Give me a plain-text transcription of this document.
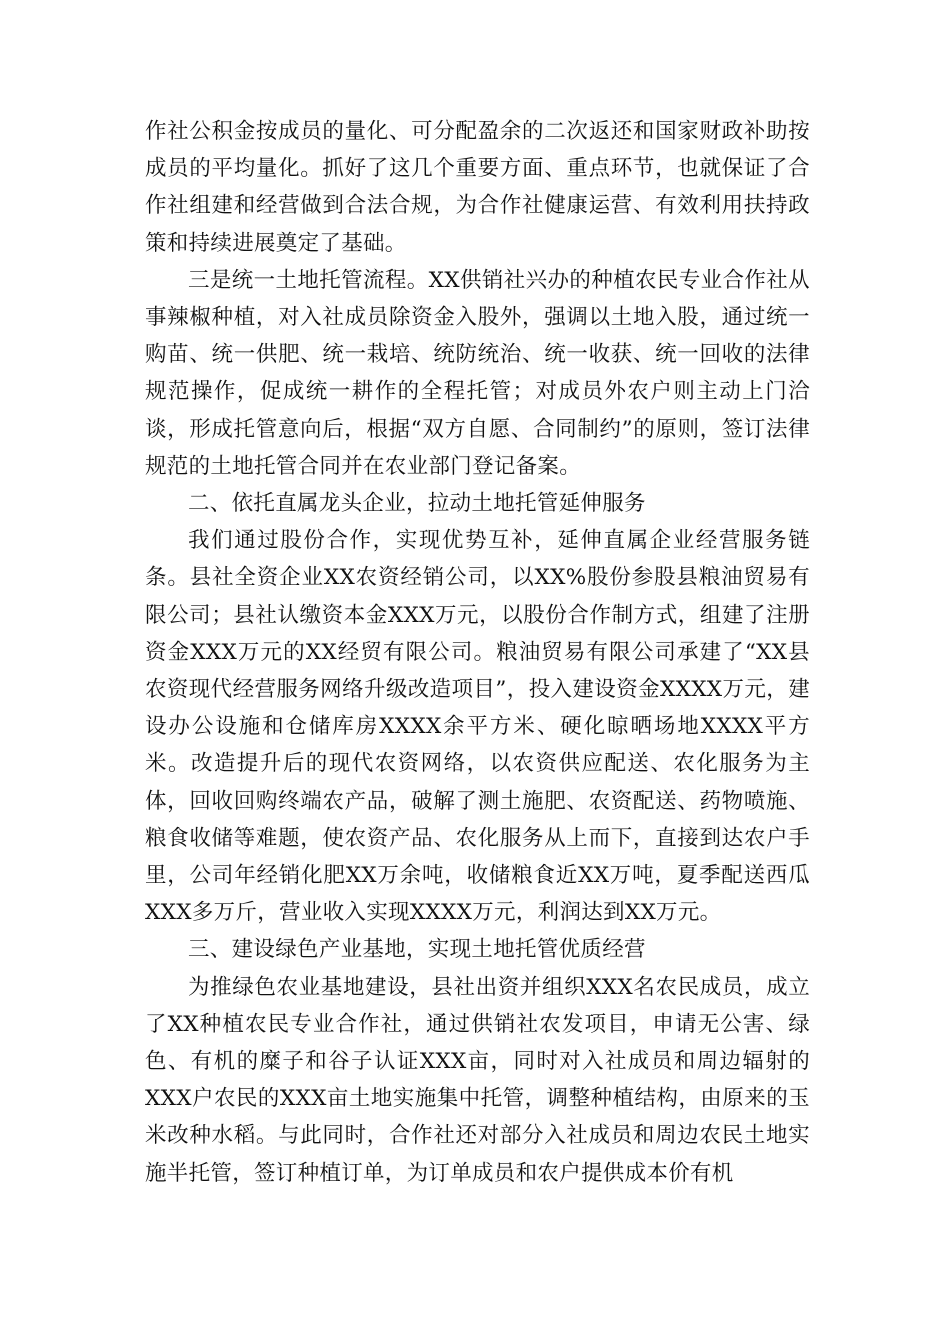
作社公积金按成员的量化、可分配盈余的二次返还和国家财政补助按成员的平均量化。抓好了这几个重要方面、重点环节，也就保证了合作社组建和经营做到合法合规，为合作社健康运营、有效利用扶持政策和持续进展奠定了基础。

三是统一土地托管流程。XX供销社兴办的种植农民专业合作社从事辣椒种植，对入社成员除资金入股外，强调以土地入股，通过统一购苗、统一供肥、统一栽培、统防统治、统一收获、统一回收的法律规范操作，促成统一耕作的全程托管；对成员外农户则主动上门洽谈，形成托管意向后，根据“双方自愿、合同制约”的原则，签订法律规范的土地托管合同并在农业部门登记备案。

二、依托直属龙头企业，拉动土地托管延伸服务

我们通过股份合作，实现优势互补，延伸直属企业经营服务链条。县社全资企业XX农资经销公司，以XX%股份参股县粮油贸易有限公司；县社认缴资本金XXX万元，以股份合作制方式，组建了注册资金XXX万元的XX经贸有限公司。粮油贸易有限公司承建了“XX县农资现代经营服务网络升级改造项目”，投入建设资金XXXX万元，建设办公设施和仓储库房XXXX余平方米、硬化晾晒场地XXXX平方米。改造提升后的现代农资网络，以农资供应配送、农化服务为主体，回收回购终端农产品，破解了测土施肥、农资配送、药物喷施、粮食收储等难题，使农资产品、农化服务从上而下，直接到达农户手里，公司年经销化肥XX万余吨，收储粮食近XX万吨，夏季配送西瓜XXX多万斤，营业收入实现XXXX万元，利润达到XX万元。

三、建设绿色产业基地，实现土地托管优质经营

为推绿色农业基地建设，县社出资并组织XXX名农民成员，成立了XX种植农民专业合作社，通过供销社农发项目，申请无公害、绿色、有机的糜子和谷子认证XXX亩，同时对入社成员和周边辐射的XXX户农民的XXX亩土地实施集中托管，调整种植结构，由原来的玉米改种水稻。与此同时，合作社还对部分入社成员和周边农民土地实施半托管，签订种植订单，为订单成员和农户提供成本价有机
